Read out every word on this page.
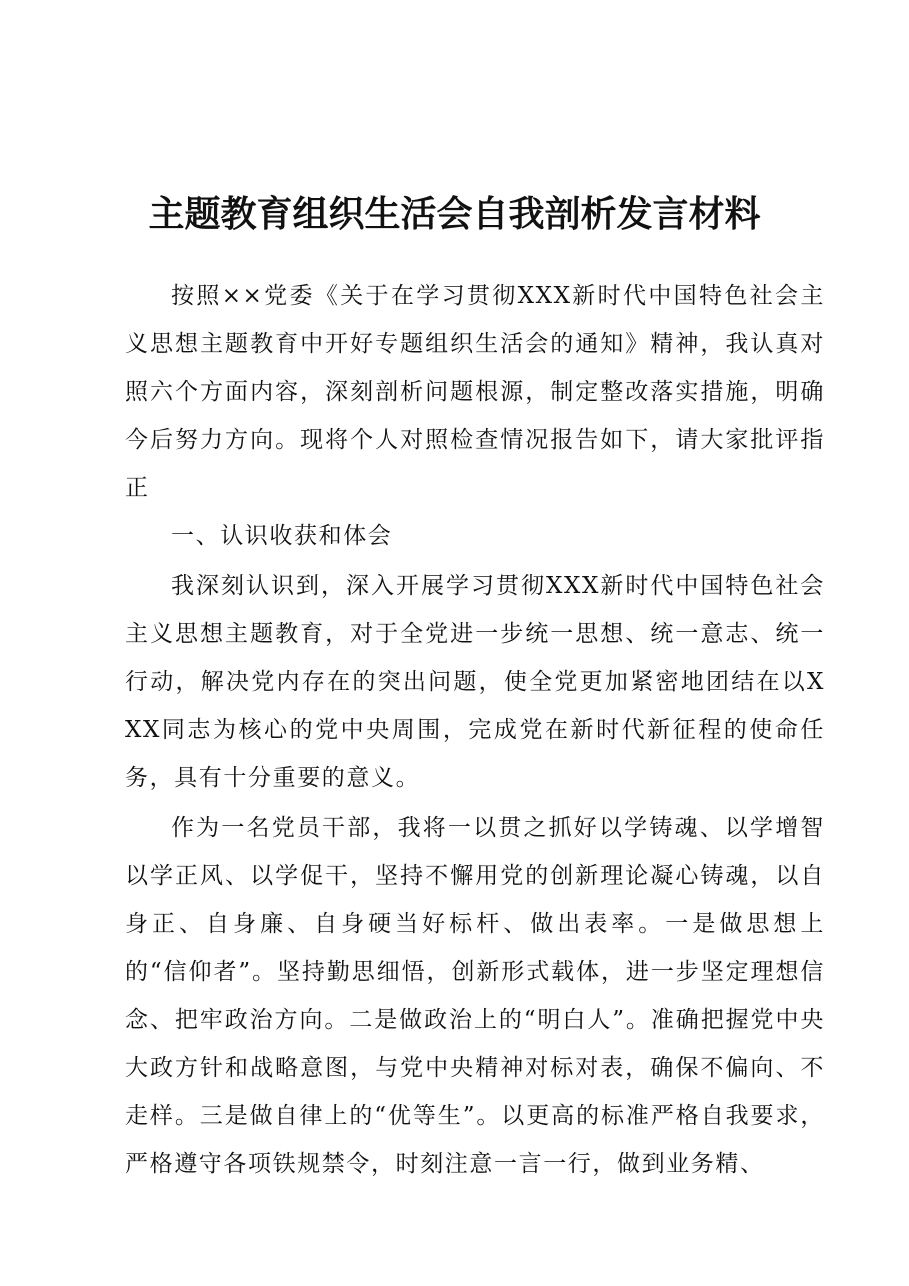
主题教育组织生活会自我剖析发言材料

按照××党委《关于在学习贯彻XXX新时代中国特色社会主义思想主题教育中开好专题组织生活会的通知》精神，我认真对照六个方面内容，深刻剖析问题根源，制定整改落实措施，明确今后努力方向。现将个人对照检查情况报告如下，请大家批评指正

一、认识收获和体会

我深刻认识到，深入开展学习贯彻XXX新时代中国特色社会主义思想主题教育，对于全党进一步统一思想、统一意志、统一行动，解决党内存在的突出问题，使全党更加紧密地团结在以XXX同志为核心的党中央周围，完成党在新时代新征程的使命任务，具有十分重要的意义。

作为一名党员干部，我将一以贯之抓好以学铸魂、以学增智以学正风、以学促干，坚持不懈用党的创新理论凝心铸魂，以自身正、自身廉、自身硬当好标杆、做出表率。一是做思想上的“信仰者”。坚持勤思细悟，创新形式载体，进一步坚定理想信念、把牢政治方向。二是做政治上的“明白人”。准确把握党中央大政方针和战略意图，与党中央精神对标对表，确保不偏向、不走样。三是做自律上的“优等生”。以更高的标准严格自我要求，严格遵守各项铁规禁令，时刻注意一言一行，做到业务精、
